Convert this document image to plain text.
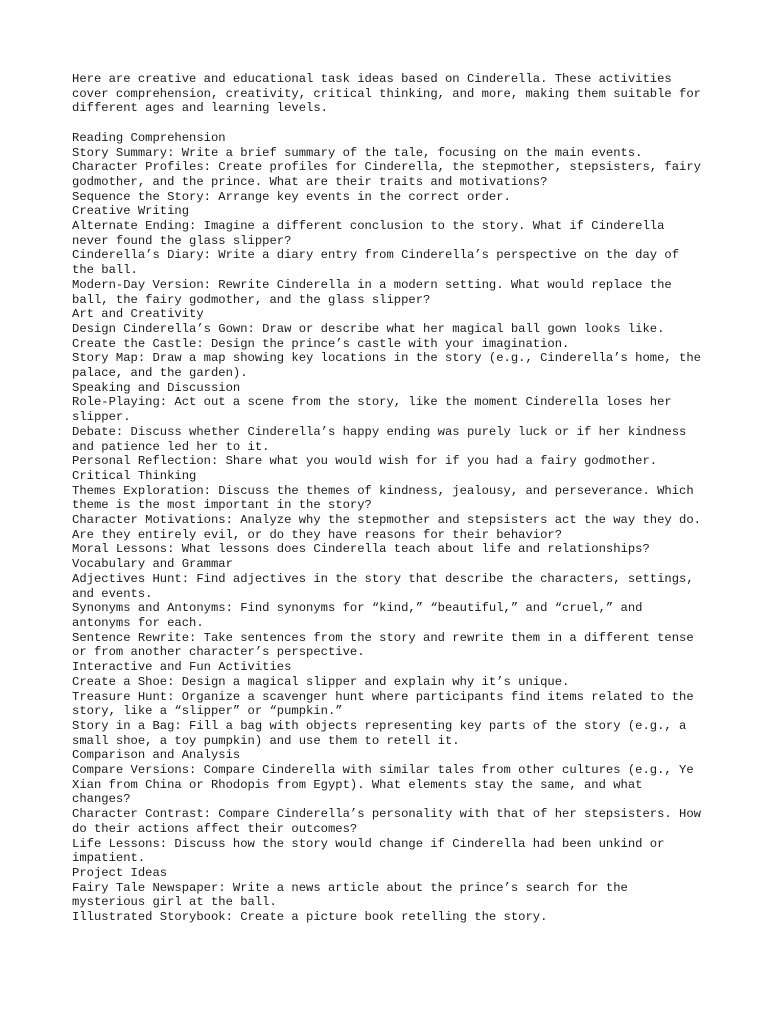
Here are creative and educational task ideas based on Cinderella. These activities cover comprehension, creativity, critical thinking, and more, making them suitable for different ages and learning levels.

Reading Comprehension
Story Summary: Write a brief summary of the tale, focusing on the main events.
Character Profiles: Create profiles for Cinderella, the stepmother, stepsisters, fairy godmother, and the prince. What are their traits and motivations?
Sequence the Story: Arrange key events in the correct order.
Creative Writing
Alternate Ending: Imagine a different conclusion to the story. What if Cinderella never found the glass slipper?
Cinderella’s Diary: Write a diary entry from Cinderella’s perspective on the day of the ball.
Modern-Day Version: Rewrite Cinderella in a modern setting. What would replace the ball, the fairy godmother, and the glass slipper?
Art and Creativity
Design Cinderella’s Gown: Draw or describe what her magical ball gown looks like.
Create the Castle: Design the prince’s castle with your imagination.
Story Map: Draw a map showing key locations in the story (e.g., Cinderella’s home, the palace, and the garden).
Speaking and Discussion
Role-Playing: Act out a scene from the story, like the moment Cinderella loses her slipper.
Debate: Discuss whether Cinderella’s happy ending was purely luck or if her kindness and patience led her to it.
Personal Reflection: Share what you would wish for if you had a fairy godmother.
Critical Thinking
Themes Exploration: Discuss the themes of kindness, jealousy, and perseverance. Which theme is the most important in the story?
Character Motivations: Analyze why the stepmother and stepsisters act the way they do. Are they entirely evil, or do they have reasons for their behavior?
Moral Lessons: What lessons does Cinderella teach about life and relationships?
Vocabulary and Grammar
Adjectives Hunt: Find adjectives in the story that describe the characters, settings, and events.
Synonyms and Antonyms: Find synonyms for “kind,” “beautiful,” and “cruel,” and antonyms for each.
Sentence Rewrite: Take sentences from the story and rewrite them in a different tense or from another character’s perspective.
Interactive and Fun Activities
Create a Shoe: Design a magical slipper and explain why it’s unique.
Treasure Hunt: Organize a scavenger hunt where participants find items related to the story, like a “slipper” or “pumpkin.”
Story in a Bag: Fill a bag with objects representing key parts of the story (e.g., a small shoe, a toy pumpkin) and use them to retell it.
Comparison and Analysis
Compare Versions: Compare Cinderella with similar tales from other cultures (e.g., Ye Xian from China or Rhodopis from Egypt). What elements stay the same, and what changes?
Character Contrast: Compare Cinderella’s personality with that of her stepsisters. How do their actions affect their outcomes?
Life Lessons: Discuss how the story would change if Cinderella had been unkind or impatient.
Project Ideas
Fairy Tale Newspaper: Write a news article about the prince’s search for the mysterious girl at the ball.
Illustrated Storybook: Create a picture book retelling the story.
